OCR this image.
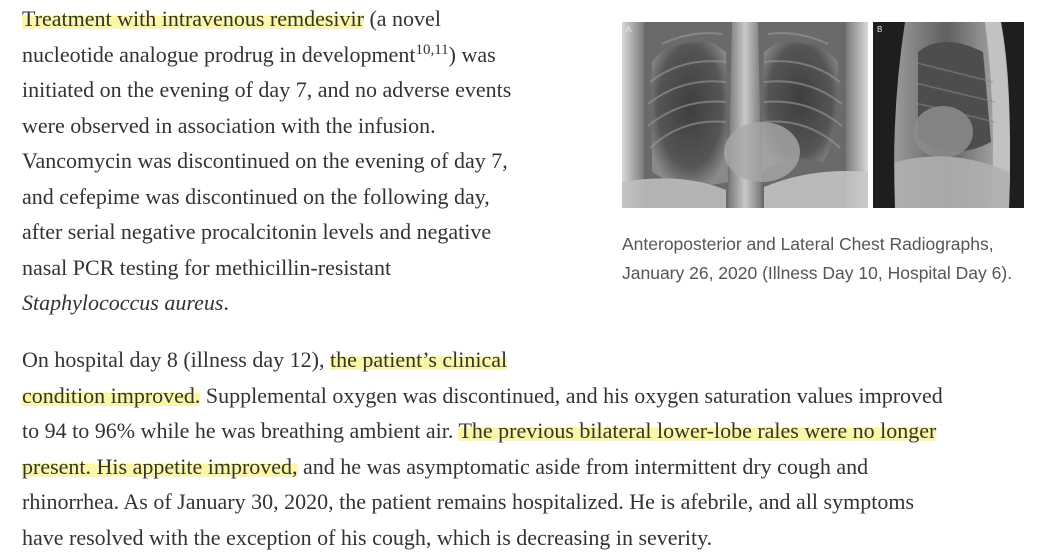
Treatment with intravenous remdesivir (a novel
nucleotide analogue prodrug in development$^{10,11}$) was
initiated on the evening of day 7, and no adverse events
were observed in association with the infusion.
Vancomycin was discontinued on the evening of day 7,
and cefepime was discontinued on the following day,
after serial negative procalcitonin levels and negative
nasal PCR testing for methicillin-resistant
Staphylococcus aureus.
A	B

Anteroposterior and Lateral Chest Radiographs, January 26, 2020 (Illness Day 10, Hospital Day 6).

On hospital day 8 (illness day 12), the patient’s clinical
condition improved. Supplemental oxygen was discontinued, and his oxygen saturation values improved
to 94 to 96% while he was breathing ambient air. The previous bilateral lower-lobe rales were no longer
present. His appetite improved, and he was asymptomatic aside from intermittent dry cough and
rhinorrhea. As of January 30, 2020, the patient remains hospitalized. He is afebrile, and all symptoms
have resolved with the exception of his cough, which is decreasing in severity.
